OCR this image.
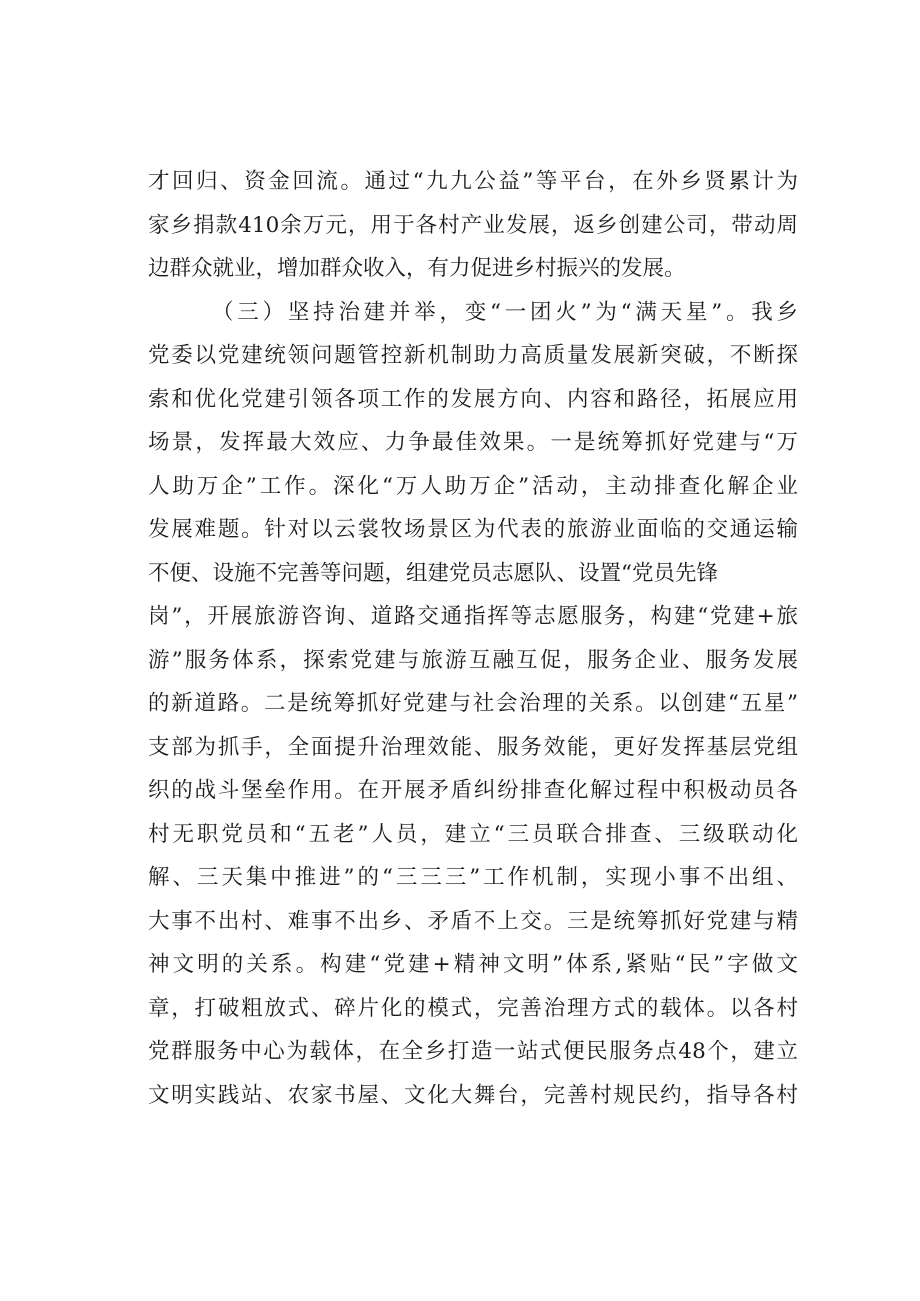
才回归、资金回流。通过“九九公益”等平台，在外乡贤累计为
家乡捐款410余万元，用于各村产业发展，返乡创建公司，带动周
边群众就业，增加群众收入，有力促进乡村振兴的发展。
（三）坚持治建并举，变“一团火”为“满天星”。我乡
党委以党建统领问题管控新机制助力高质量发展新突破，不断探
索和优化党建引领各项工作的发展方向、内容和路径，拓展应用
场景，发挥最大效应、力争最佳效果。一是统筹抓好党建与“万
人助万企”工作。深化“万人助万企”活动，主动排查化解企业
发展难题。针对以云裳牧场景区为代表的旅游业面临的交通运输
不便、设施不完善等问题，组建党员志愿队、设置“党员先锋
岗”，开展旅游咨询、道路交通指挥等志愿服务，构建“党建+旅
游”服务体系，探索党建与旅游互融互促，服务企业、服务发展
的新道路。二是统筹抓好党建与社会治理的关系。以创建“五星”
支部为抓手，全面提升治理效能、服务效能，更好发挥基层党组
织的战斗堡垒作用。在开展矛盾纠纷排查化解过程中积极动员各
村无职党员和“五老”人员，建立“三员联合排查、三级联动化
解、三天集中推进”的“三三三”工作机制，实现小事不出组、
大事不出村、难事不出乡、矛盾不上交。三是统筹抓好党建与精
神文明的关系。构建“党建+精神文明”体系,紧贴“民”字做文
章，打破粗放式、碎片化的模式，完善治理方式的载体。以各村
党群服务中心为载体，在全乡打造一站式便民服务点48个，建立
文明实践站、农家书屋、文化大舞台，完善村规民约，指导各村
